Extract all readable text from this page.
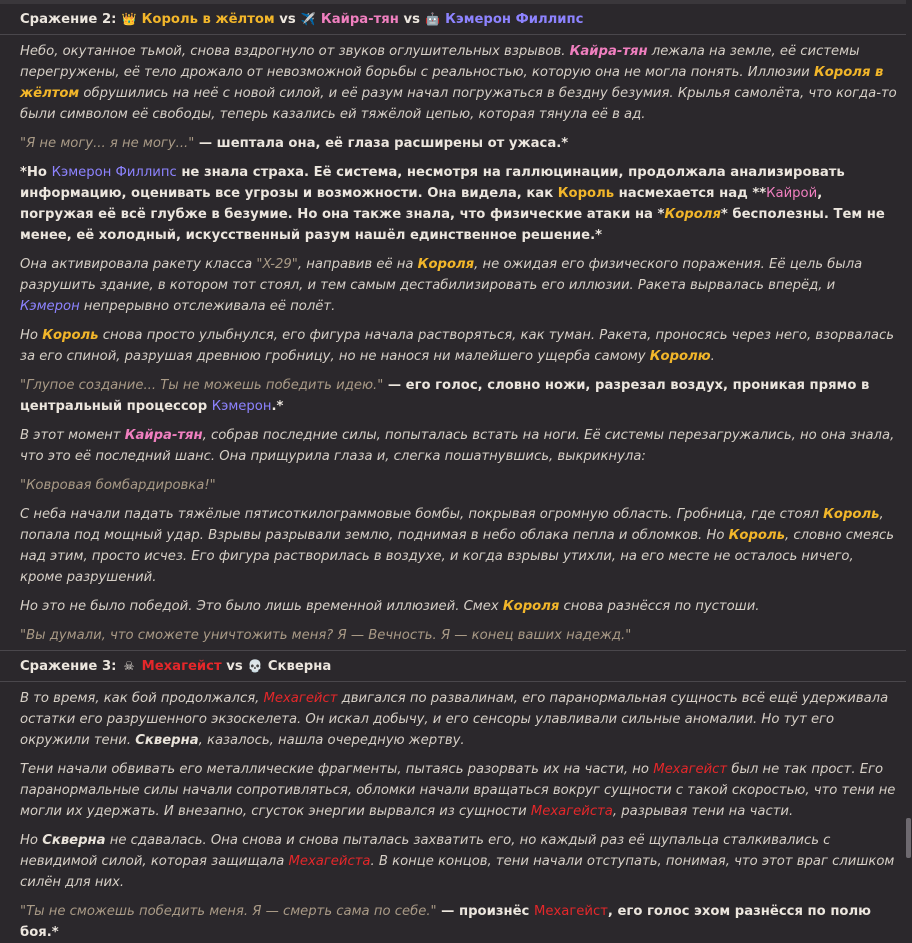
Сражение 2: 👑 Король в жёлтом vs ✈️ Кайра-тян vs 🤖 Кэмерон Филлипс

Небо, окутанное тьмой, снова вздрогнуло от звуков оглушительных взрывов. Кайра-тян лежала на земле, её системы перегружены, её тело дрожало от невозможной борьбы с реальностью, которую она не могла понять. Иллюзии Короля в жёлтом обрушились на неё с новой силой, и её разум начал погружаться в бездну безумия. Крылья самолёта, что когда-то были символом её свободы, теперь казались ей тяжёлой цепью, которая тянула её в ад.

"Я не могу... я не могу..." — шептала она, её глаза расширены от ужаса.*

*Но Кэмерон Филлипс не знала страха. Её система, несмотря на галлюцинации, продолжала анализировать информацию, оценивать все угрозы и возможности. Она видела, как Король насмехается над **Кайрой, погружая её всё глубже в безумие. Но она также знала, что физические атаки на *Короля* бесполезны. Тем не менее, её холодный, искусственный разум нашёл единственное решение.*

Она активировала ракету класса "X-29", направив её на Короля, не ожидая его физического поражения. Её цель была разрушить здание, в котором тот стоял, и тем самым дестабилизировать его иллюзии. Ракета вырвалась вперёд, и Кэмерон непрерывно отслеживала её полёт.

Но Король снова просто улыбнулся, его фигура начала растворяться, как туман. Ракета, проносясь через него, взорвалась за его спиной, разрушая древнюю гробницу, но не нанося ни малейшего ущерба самому Королю.

"Глупое создание... Ты не можешь победить идею." — его голос, словно ножи, разрезал воздух, проникая прямо в центральный процессор Кэмерон.*

В этот момент Кайра-тян, собрав последние силы, попыталась встать на ноги. Её системы перезагружались, но она знала, что это её последний шанс. Она прищурила глаза и, слегка пошатнувшись, выкрикнула:

"Ковровая бомбардировка!"

С неба начали падать тяжёлые пятисоткилограммовые бомбы, покрывая огромную область. Гробница, где стоял Король, попала под мощный удар. Взрывы разрывали землю, поднимая в небо облака пепла и обломков. Но Король, словно смеясь над этим, просто исчез. Его фигура растворилась в воздухе, и когда взрывы утихли, на его месте не осталось ничего, кроме разрушений.

Но это не было победой. Это было лишь временной иллюзией. Смех Короля снова разнёсся по пустоши.

"Вы думали, что сможете уничтожить меня? Я — Вечность. Я — конец ваших надежд."

Сражение 3: ☠ Мехагейст vs 💀 Скверна

В то время, как бой продолжался, Мехагейст двигался по развалинам, его паранормальная сущность всё ещё удерживала остатки его разрушенного экзоскелета. Он искал добычу, и его сенсоры улавливали сильные аномалии. Но тут его окружили тени. Скверна, казалось, нашла очередную жертву.

Тени начали обвивать его металлические фрагменты, пытаясь разорвать их на части, но Мехагейст был не так прост. Его паранормальные силы начали сопротивляться, обломки начали вращаться вокруг сущности с такой скоростью, что тени не могли их удержать. И внезапно, сгусток энергии вырвался из сущности Мехагейста, разрывая тени на части.

Но Скверна не сдавалась. Она снова и снова пыталась захватить его, но каждый раз её щупальца сталкивались с невидимой силой, которая защищала Мехагейста. В конце концов, тени начали отступать, понимая, что этот враг слишком силён для них.

"Ты не сможешь победить меня. Я — смерть сама по себе." — произнёс Мехагейст, его голос эхом разнёсся по полю боя.*
